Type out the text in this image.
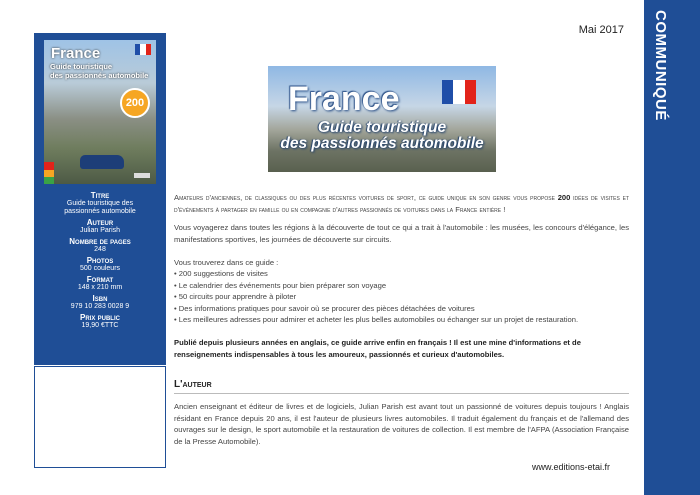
France
Guide touristique
des passionnés automobile
200
Titre
Guide touristique des
passionnés automobile
Auteur
Julian Parish
Nombre de pages
248
Photos
500 couleurs
Format
148 x 210 mm
Isbn
979 10 283 0028 9
Prix public
19,90 €TTC
Mai 2017 COMMUNIQUÉ
France
Guide touristique
des passionnés automobile

Amateurs d'anciennes, de classiques ou des plus récentes voitures de sport, ce guide unique en son genre vous propose 200 idées de visites et d'événements à partager en famille ou en compagnie d'autres passionnés de voitures dans la France entière !

Vous voyagerez dans toutes les régions à la découverte de tout ce qui a trait à l'automobile : les musées, les concours d'élégance, les manifestations sportives, les journées de découverte sur circuits.

Vous trouverez dans ce guide :

• 200 suggestions de visites
• Le calendrier des événements pour bien préparer son voyage
• 50 circuits pour apprendre à piloter
• Des informations pratiques pour savoir où se procurer des pièces détachées de voitures
• Les meilleures adresses pour admirer et acheter les plus belles automobiles ou échanger sur un projet de restauration.

Publié depuis plusieurs années en anglais, ce guide arrive enfin en français ! Il est une mine d'informations et de renseignements indispensables à tous les amoureux, passionnés et curieux d'automobiles.

L'auteur

Ancien enseignant et éditeur de livres et de logiciels, Julian Parish est avant tout un passionné de voitures depuis toujours ! Anglais résidant en France depuis 20 ans, il est l'auteur de plusieurs livres automobiles. Il traduit également du français et de l'allemand des ouvrages sur le design, le sport automobile et la restauration de voitures de collection. Il est membre de l'AFPA (Association Française de la Presse Automobile).

www.editions-etai.fr
